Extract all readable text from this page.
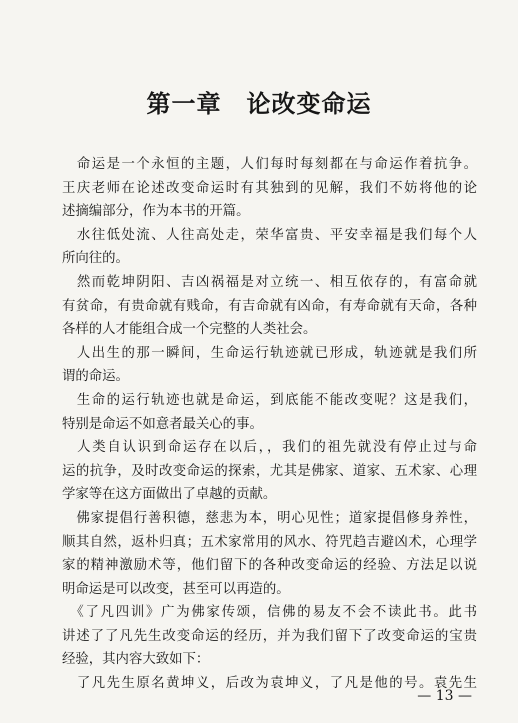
第一章　论改变命运
　命运是一个永恒的主题，人们每时每刻都在与命运作着抗争。
王庆老师在论述改变命运时有其独到的见解，我们不妨将他的论
述摘编部分，作为本书的开篇。
　水往低处流、人往高处走，荣华富贵、平安幸福是我们每个人
所向往的。
　然而乾坤阴阳、吉凶祸福是对立统一、相互依存的，有富命就
有贫命，有贵命就有贱命，有吉命就有凶命，有寿命就有天命，各种
各样的人才能组合成一个完整的人类社会。
　人出生的那一瞬间，生命运行轨迹就已形成，轨迹就是我们所
谓的命运。
　生命的运行轨迹也就是命运，到底能不能改变呢？这是我们，
特别是命运不如意者最关心的事。
　人类自认识到命运存在以后，，我们的祖先就没有停止过与命
运的抗争，及时改变命运的探索，尤其是佛家、道家、五术家、心理
学家等在这方面做出了卓越的贡献。
　佛家提倡行善积德，慈悲为本，明心见性；道家提倡修身养性，
顺其自然，返朴归真；五术家常用的风水、符咒趋吉避凶术，心理学
家的精神激励术等，他们留下的各种改变命运的经验、方法足以说
明命运是可以改变，甚至可以再造的。
　《了凡四训》广为佛家传颂，信佛的易友不会不读此书。此书
讲述了了凡先生改变命运的经历，并为我们留下了改变命运的宝贵
经验，其内容大致如下：
　了凡先生原名黄坤义，后改为袁坤义，了凡是他的号。袁先生
— 13 —
